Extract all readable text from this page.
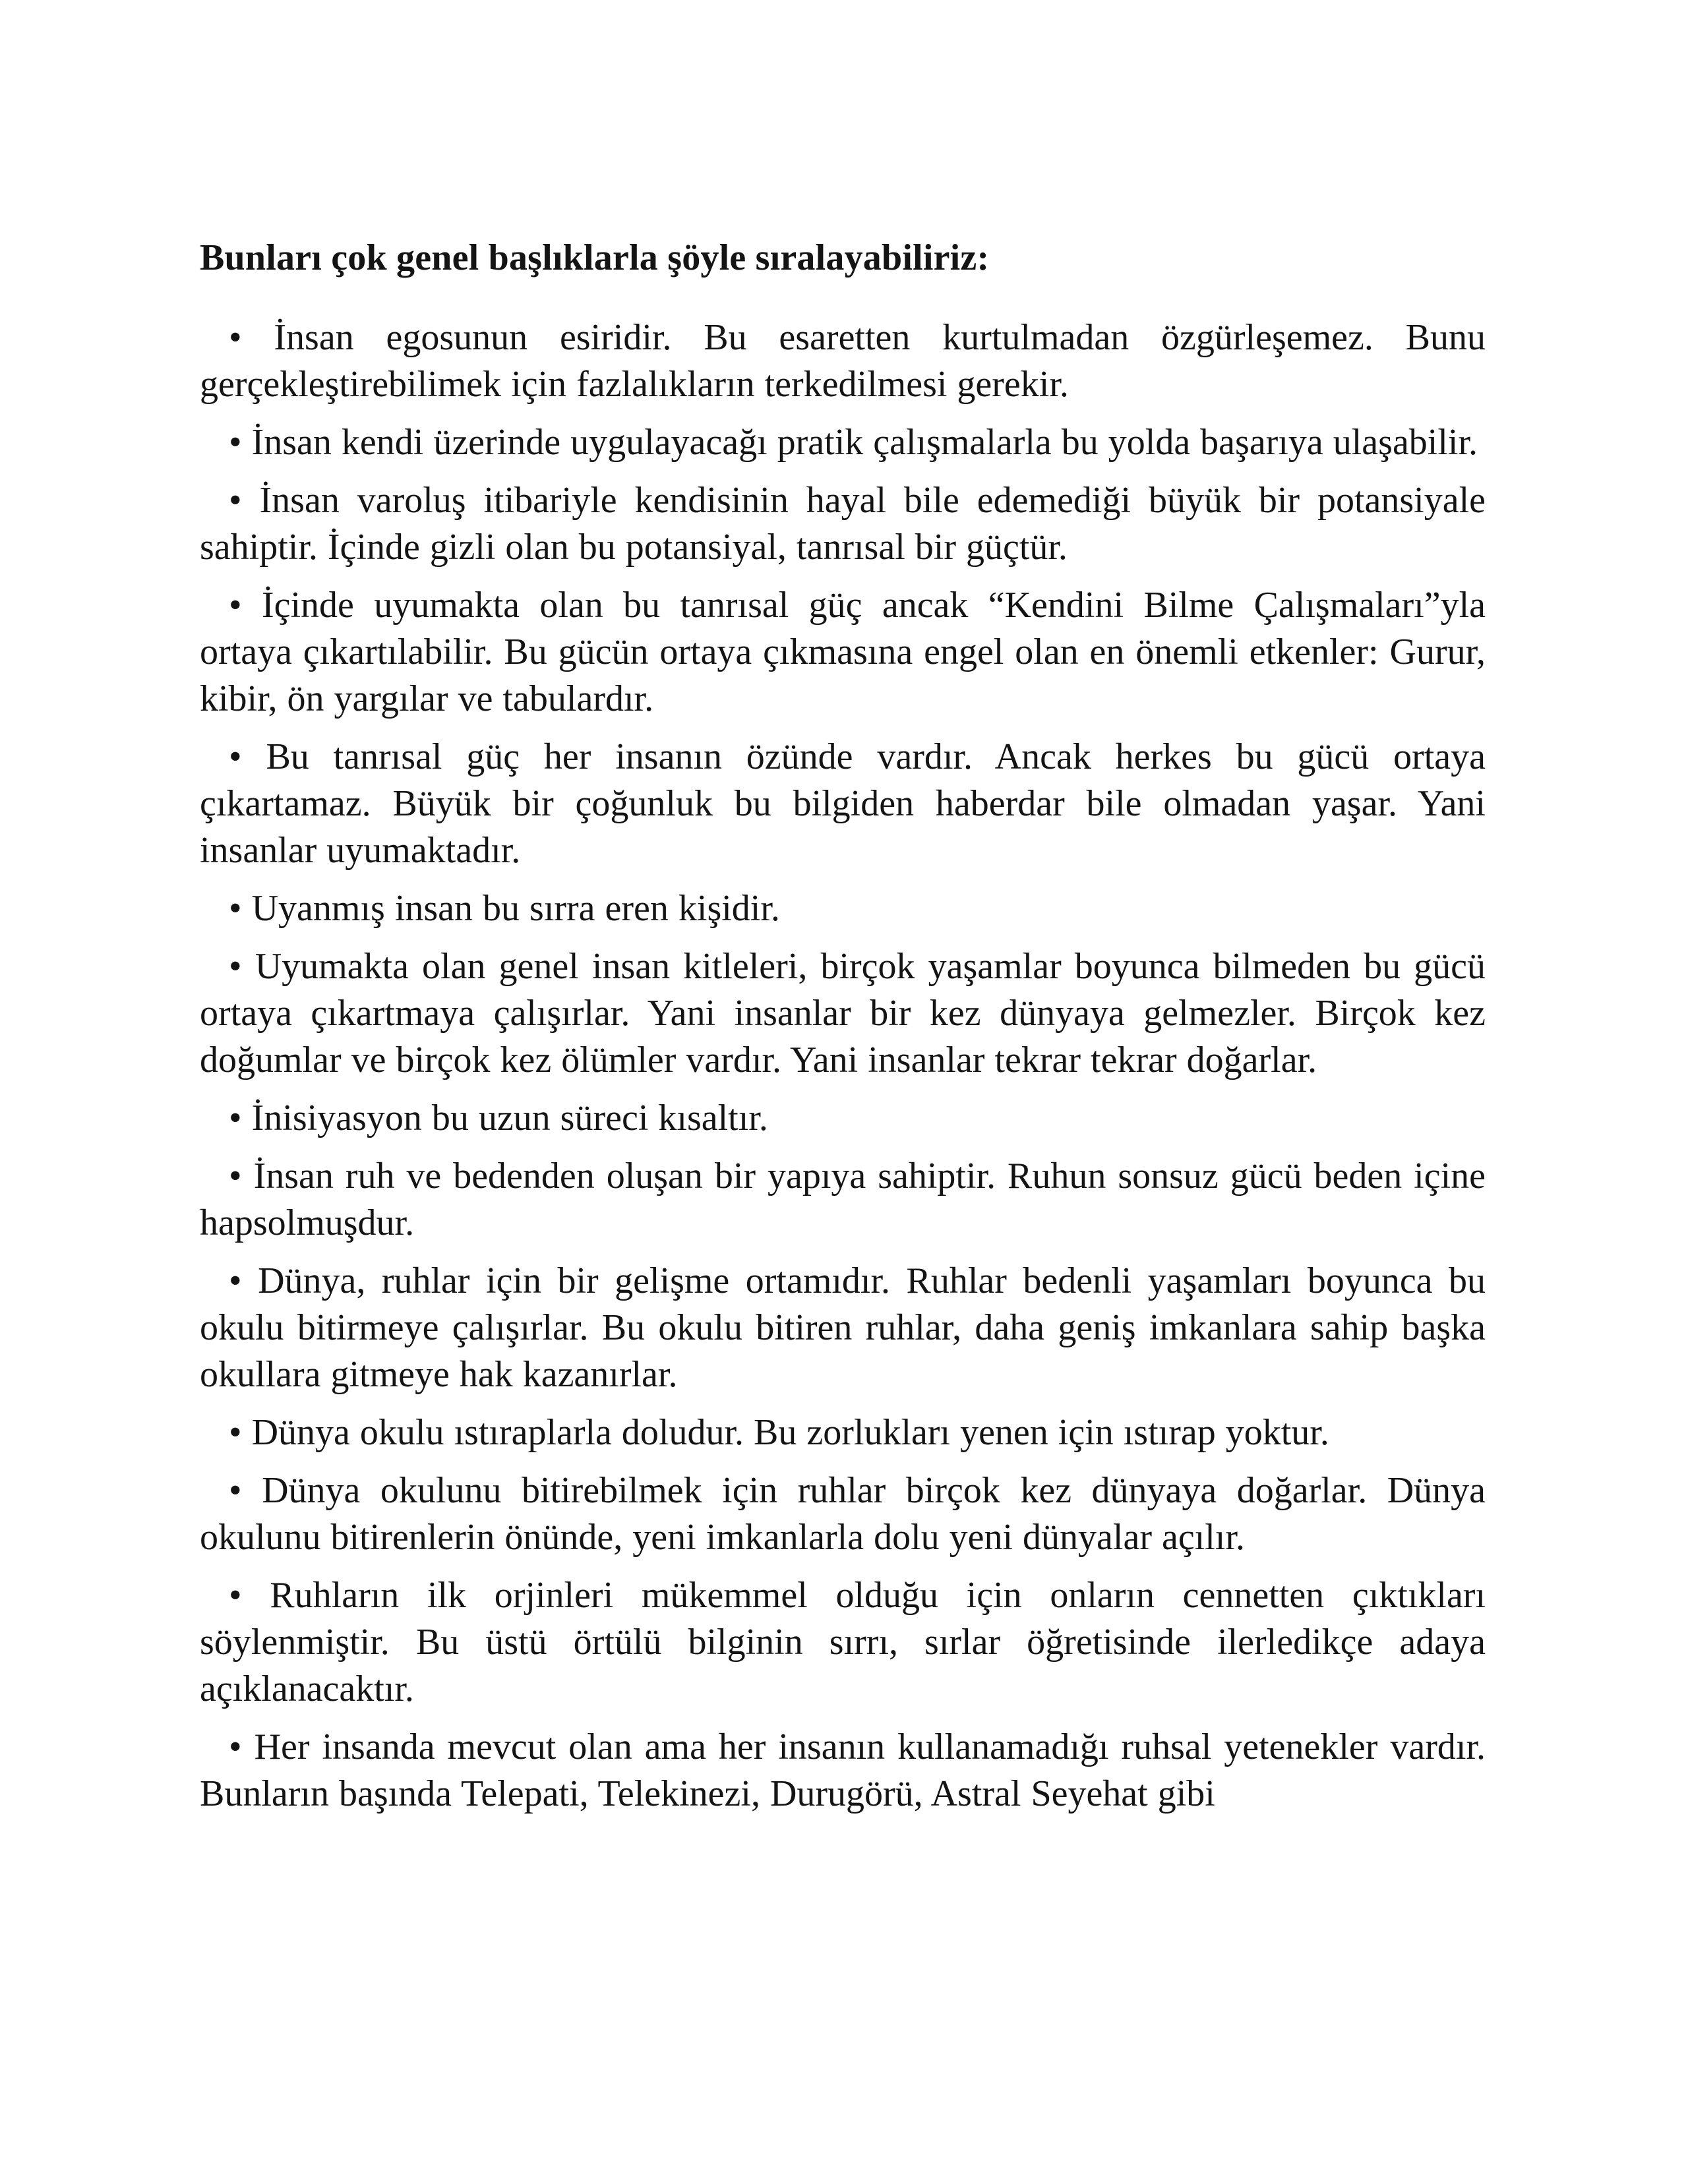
Bunları çok genel başlıklarla şöyle sıralayabiliriz:
• İnsan egosunun esiridir. Bu esaretten kurtulmadan özgürleşemez. Bunu gerçekleştirebilimek için fazlalıkların terkedilmesi gerekir.
• İnsan kendi üzerinde uygulayacağı pratik çalışmalarla bu yolda başarıya ulaşabilir.
• İnsan varoluş itibariyle kendisinin hayal bile edemediği büyük bir potansiyale sahiptir. İçinde gizli olan bu potansiyal, tanrısal bir güçtür.
• İçinde uyumakta olan bu tanrısal güç ancak “Kendini Bilme Çalışmaları”yla ortaya çıkartılabilir. Bu gücün ortaya çıkmasına engel olan en önemli etkenler: Gurur, kibir, ön yargılar ve tabulardır.
• Bu tanrısal güç her insanın özünde vardır. Ancak herkes bu gücü ortaya çıkartamaz. Büyük bir çoğunluk bu bilgiden haberdar bile olmadan yaşar. Yani insanlar uyumaktadır.
• Uyanmış insan bu sırra eren kişidir.
• Uyumakta olan genel insan kitleleri, birçok yaşamlar boyunca bilmeden bu gücü ortaya çıkartmaya çalışırlar. Yani insanlar bir kez dünyaya gelmezler. Birçok kez doğumlar ve birçok kez ölümler vardır. Yani insanlar tekrar tekrar doğarlar.
• İnisiyasyon bu uzun süreci kısaltır.
• İnsan ruh ve bedenden oluşan bir yapıya sahiptir. Ruhun sonsuz gücü beden içine hapsolmuşdur.
• Dünya, ruhlar için bir gelişme ortamıdır. Ruhlar bedenli yaşamları boyunca bu okulu bitirmeye çalışırlar. Bu okulu bitiren ruhlar, daha geniş imkanlara sahip başka okullara gitmeye hak kazanırlar.
• Dünya okulu ıstıraplarla doludur. Bu zorlukları yenen için ıstırap yoktur.
• Dünya okulunu bitirebilmek için ruhlar birçok kez dünyaya doğarlar. Dünya okulunu bitirenlerin önünde, yeni imkanlarla dolu yeni dünyalar açılır.
• Ruhların ilk orjinleri mükemmel olduğu için onların cennetten çıktıkları söylenmiştir. Bu üstü örtülü bilginin sırrı, sırlar öğretisinde ilerledikçe adaya açıklanacaktır.
• Her insanda mevcut olan ama her insanın kullanamadığı ruhsal yetenekler vardır. Bunların başında Telepati, Telekinezi, Durugörü, Astral Seyehat gibi
